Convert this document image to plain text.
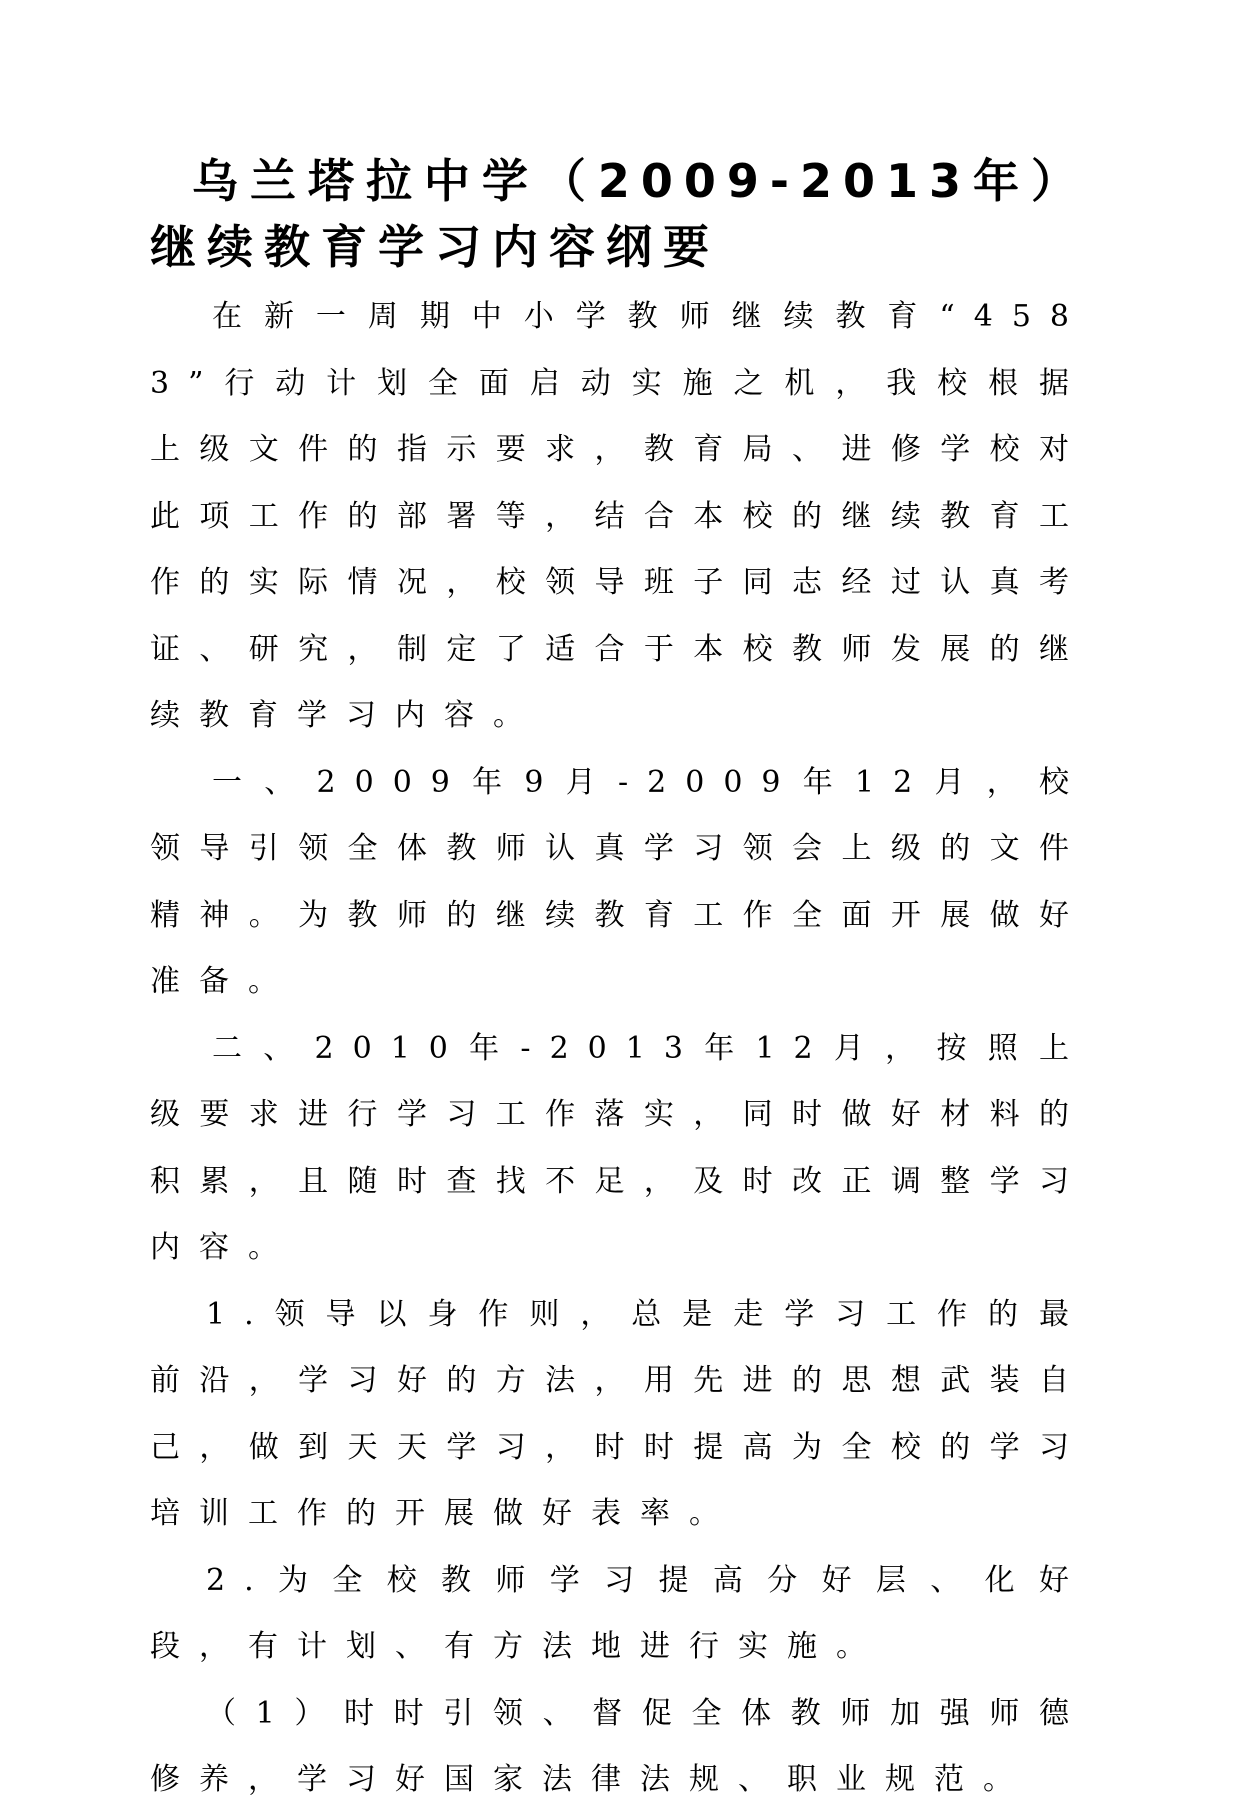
乌兰塔拉中学（2009-2013年）继续教育学习内容纲要

在新一周期中小学教师继续教育“4583”行动计划全面启动实施之机，我校根据上级文件的指示要求，教育局、进修学校对此项工作的部署等，结合本校的继续教育工作的实际情况，校领导班子同志经过认真考证、研究，制定了适合于本校教师发展的继续教育学习内容。

一、2009年9月-2009年12月，校领导引领全体教师认真学习领会上级的文件精神。为教师的继续教育工作全面开展做好准备。

二、2010年-2013年12月，按照上级要求进行学习工作落实，同时做好材料的积累，且随时查找不足，及时改正调整学习内容。

1.领导以身作则，总是走学习工作的最前沿，学习好的方法，用先进的思想武装自己，做到天天学习，时时提高为全校的学习培训工作的开展做好表率。

2.为全校教师学习提高分好层、化好段，有计划、有方法地进行实施。

（1）时时引领、督促全体教师加强师德修养，学习好国家法律法规、职业规范。
